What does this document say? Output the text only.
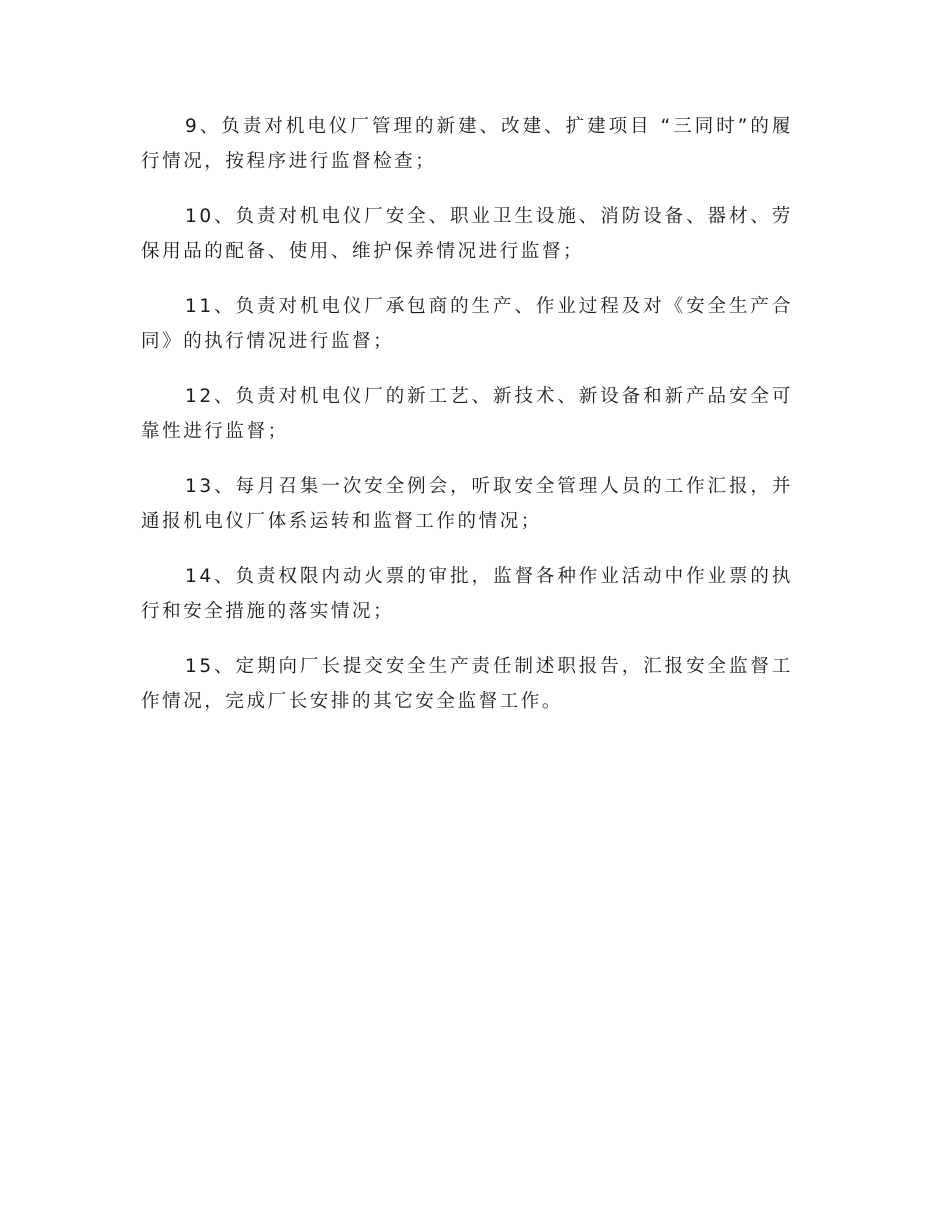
9、负责对机电仪厂管理的新建、改建、扩建项目 “三同时”的履行情况，按程序进行监督检查；

10、负责对机电仪厂安全、职业卫生设施、消防设备、器材、劳保用品的配备、使用、维护保养情况进行监督；

11、负责对机电仪厂承包商的生产、作业过程及对《安全生产合同》的执行情况进行监督；

12、负责对机电仪厂的新工艺、新技术、新设备和新产品安全可靠性进行监督；

13、每月召集一次安全例会，听取安全管理人员的工作汇报，并通报机电仪厂体系运转和监督工作的情况；

14、负责权限内动火票的审批，监督各种作业活动中作业票的执行和安全措施的落实情况；

15、定期向厂长提交安全生产责任制述职报告，汇报安全监督工作情况，完成厂长安排的其它安全监督工作。
